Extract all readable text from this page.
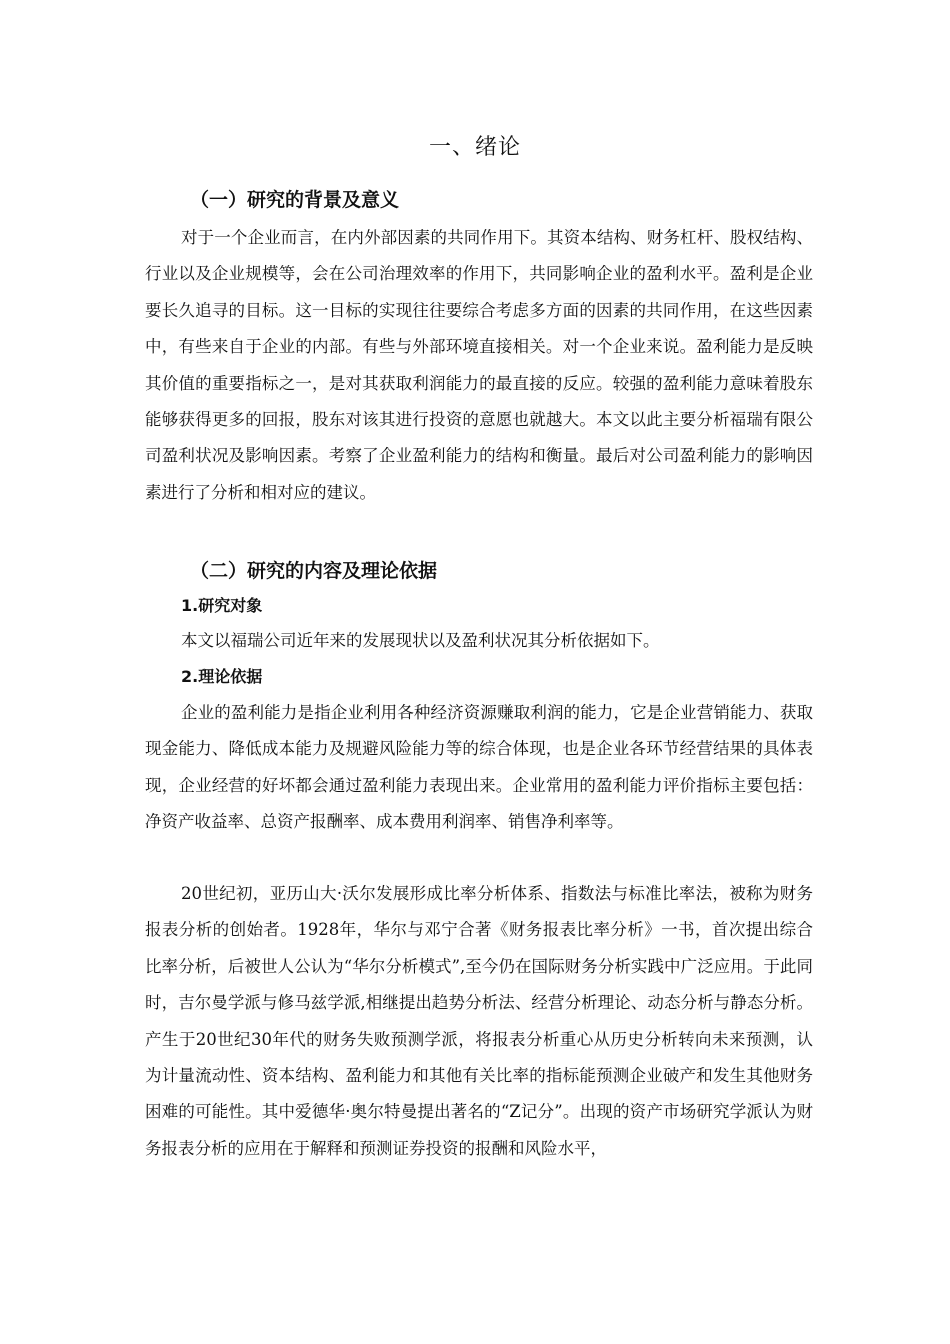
一、绪论
（一）研究的背景及意义

对于一个企业而言，在内外部因素的共同作用下。其资本结构、财务杠杆、股权结构、行业以及企业规模等，会在公司治理效率的作用下，共同影响企业的盈利水平。盈利是企业要长久追寻的目标。这一目标的实现往往要综合考虑多方面的因素的共同作用，在这些因素中，有些来自于企业的内部。有些与外部环境直接相关。对一个企业来说。盈利能力是反映其价值的重要指标之一，是对其获取利润能力的最直接的反应。较强的盈利能力意味着股东能够获得更多的回报，股东对该其进行投资的意愿也就越大。本文以此主要分析福瑞有限公司盈利状况及影响因素。考察了企业盈利能力的结构和衡量。最后对公司盈利能力的影响因素进行了分析和相对应的建议。

（二）研究的内容及理论依据
1.研究对象

本文以福瑞公司近年来的发展现状以及盈利状况其分析依据如下。

2.理论依据

企业的盈利能力是指企业利用各种经济资源赚取利润的能力，它是企业营销能力、获取现金能力、降低成本能力及规避风险能力等的综合体现，也是企业各环节经营结果的具体表现，企业经营的好坏都会通过盈利能力表现出来。企业常用的盈利能力评价指标主要包括：净资产收益率、总资产报酬率、成本费用利润率、销售净利率等。

20世纪初，亚历山大·沃尔发展形成比率分析体系、指数法与标准比率法，被称为财务报表分析的创始者。1928年，华尔与邓宁合著《财务报表比率分析》一书，首次提出综合比率分析，后被世人公认为“华尔分析模式”,至今仍在国际财务分析实践中广泛应用。于此同时，吉尔曼学派与修马兹学派,相继提出趋势分析法、经营分析理论、动态分析与静态分析。产生于20世纪30年代的财务失败预测学派，将报表分析重心从历史分析转向未来预测，认为计量流动性、资本结构、盈利能力和其他有关比率的指标能预测企业破产和发生其他财务困难的可能性。其中爱德华·奥尔特曼提出著名的“Z记分”。出现的资产市场研究学派认为财务报表分析的应用在于解释和预测证券投资的报酬和风险水平，
